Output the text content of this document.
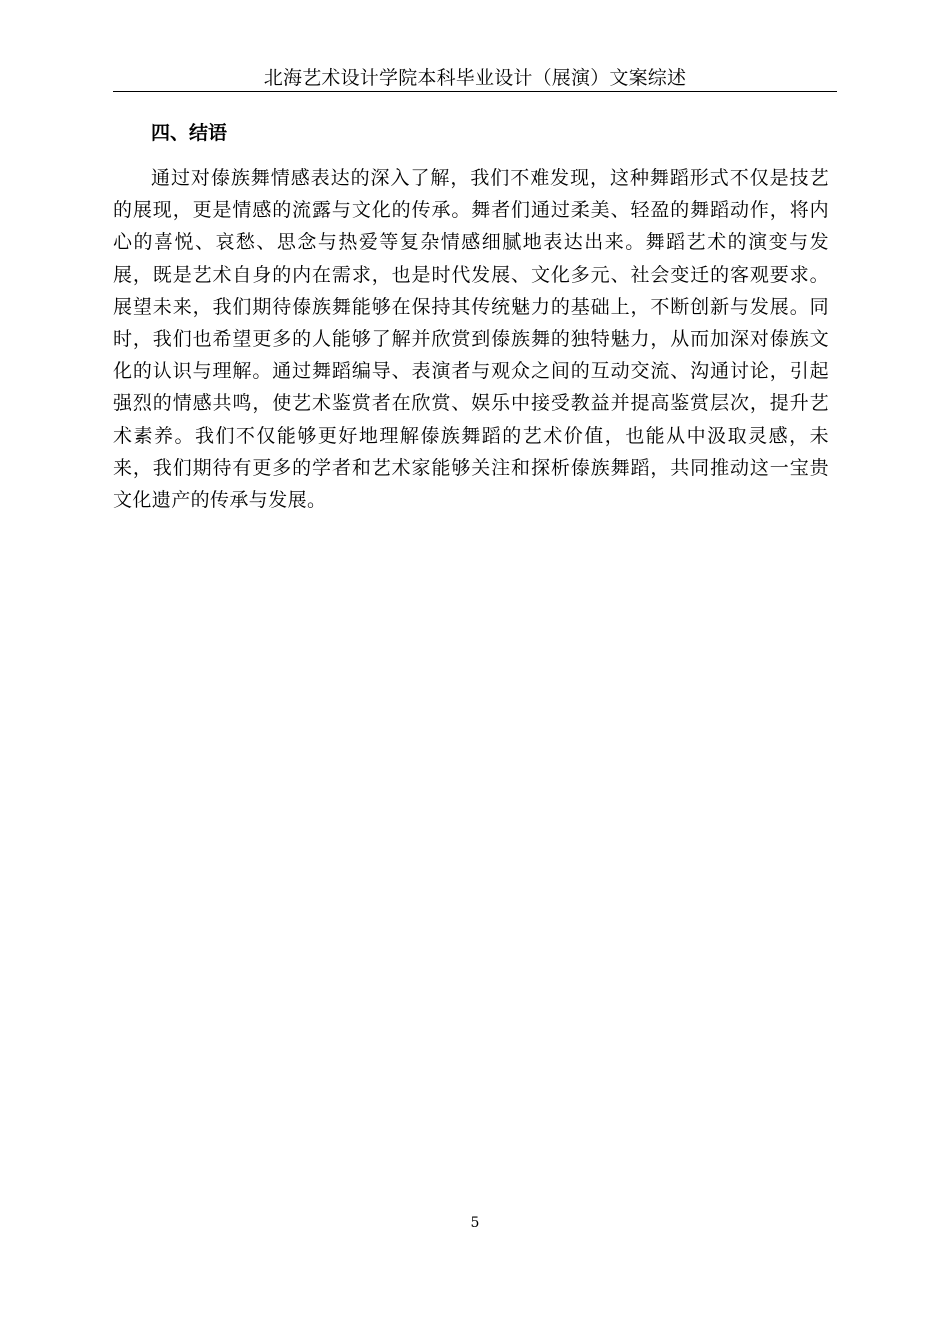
北海艺术设计学院本科毕业设计（展演）文案综述
四、结语

通过对傣族舞情感表达的深入了解，我们不难发现，这种舞蹈形式不仅是技艺的展现，更是情感的流露与文化的传承。舞者们通过柔美、轻盈的舞蹈动作，将内心的喜悦、哀愁、思念与热爱等复杂情感细腻地表达出来。舞蹈艺术的演变与发展，既是艺术自身的内在需求，也是时代发展、文化多元、社会变迁的客观要求。展望未来，我们期待傣族舞能够在保持其传统魅力的基础上，不断创新与发展。同时，我们也希望更多的人能够了解并欣赏到傣族舞的独特魅力，从而加深对傣族文化的认识与理解。通过舞蹈编导、表演者与观众之间的互动交流、沟通讨论，引起强烈的情感共鸣，使艺术鉴赏者在欣赏、娱乐中接受教益并提高鉴赏层次，提升艺术素养。我们不仅能够更好地理解傣族舞蹈的艺术价值，也能从中汲取灵感，未来，我们期待有更多的学者和艺术家能够关注和探析傣族舞蹈，共同推动这一宝贵文化遗产的传承与发展。

5
